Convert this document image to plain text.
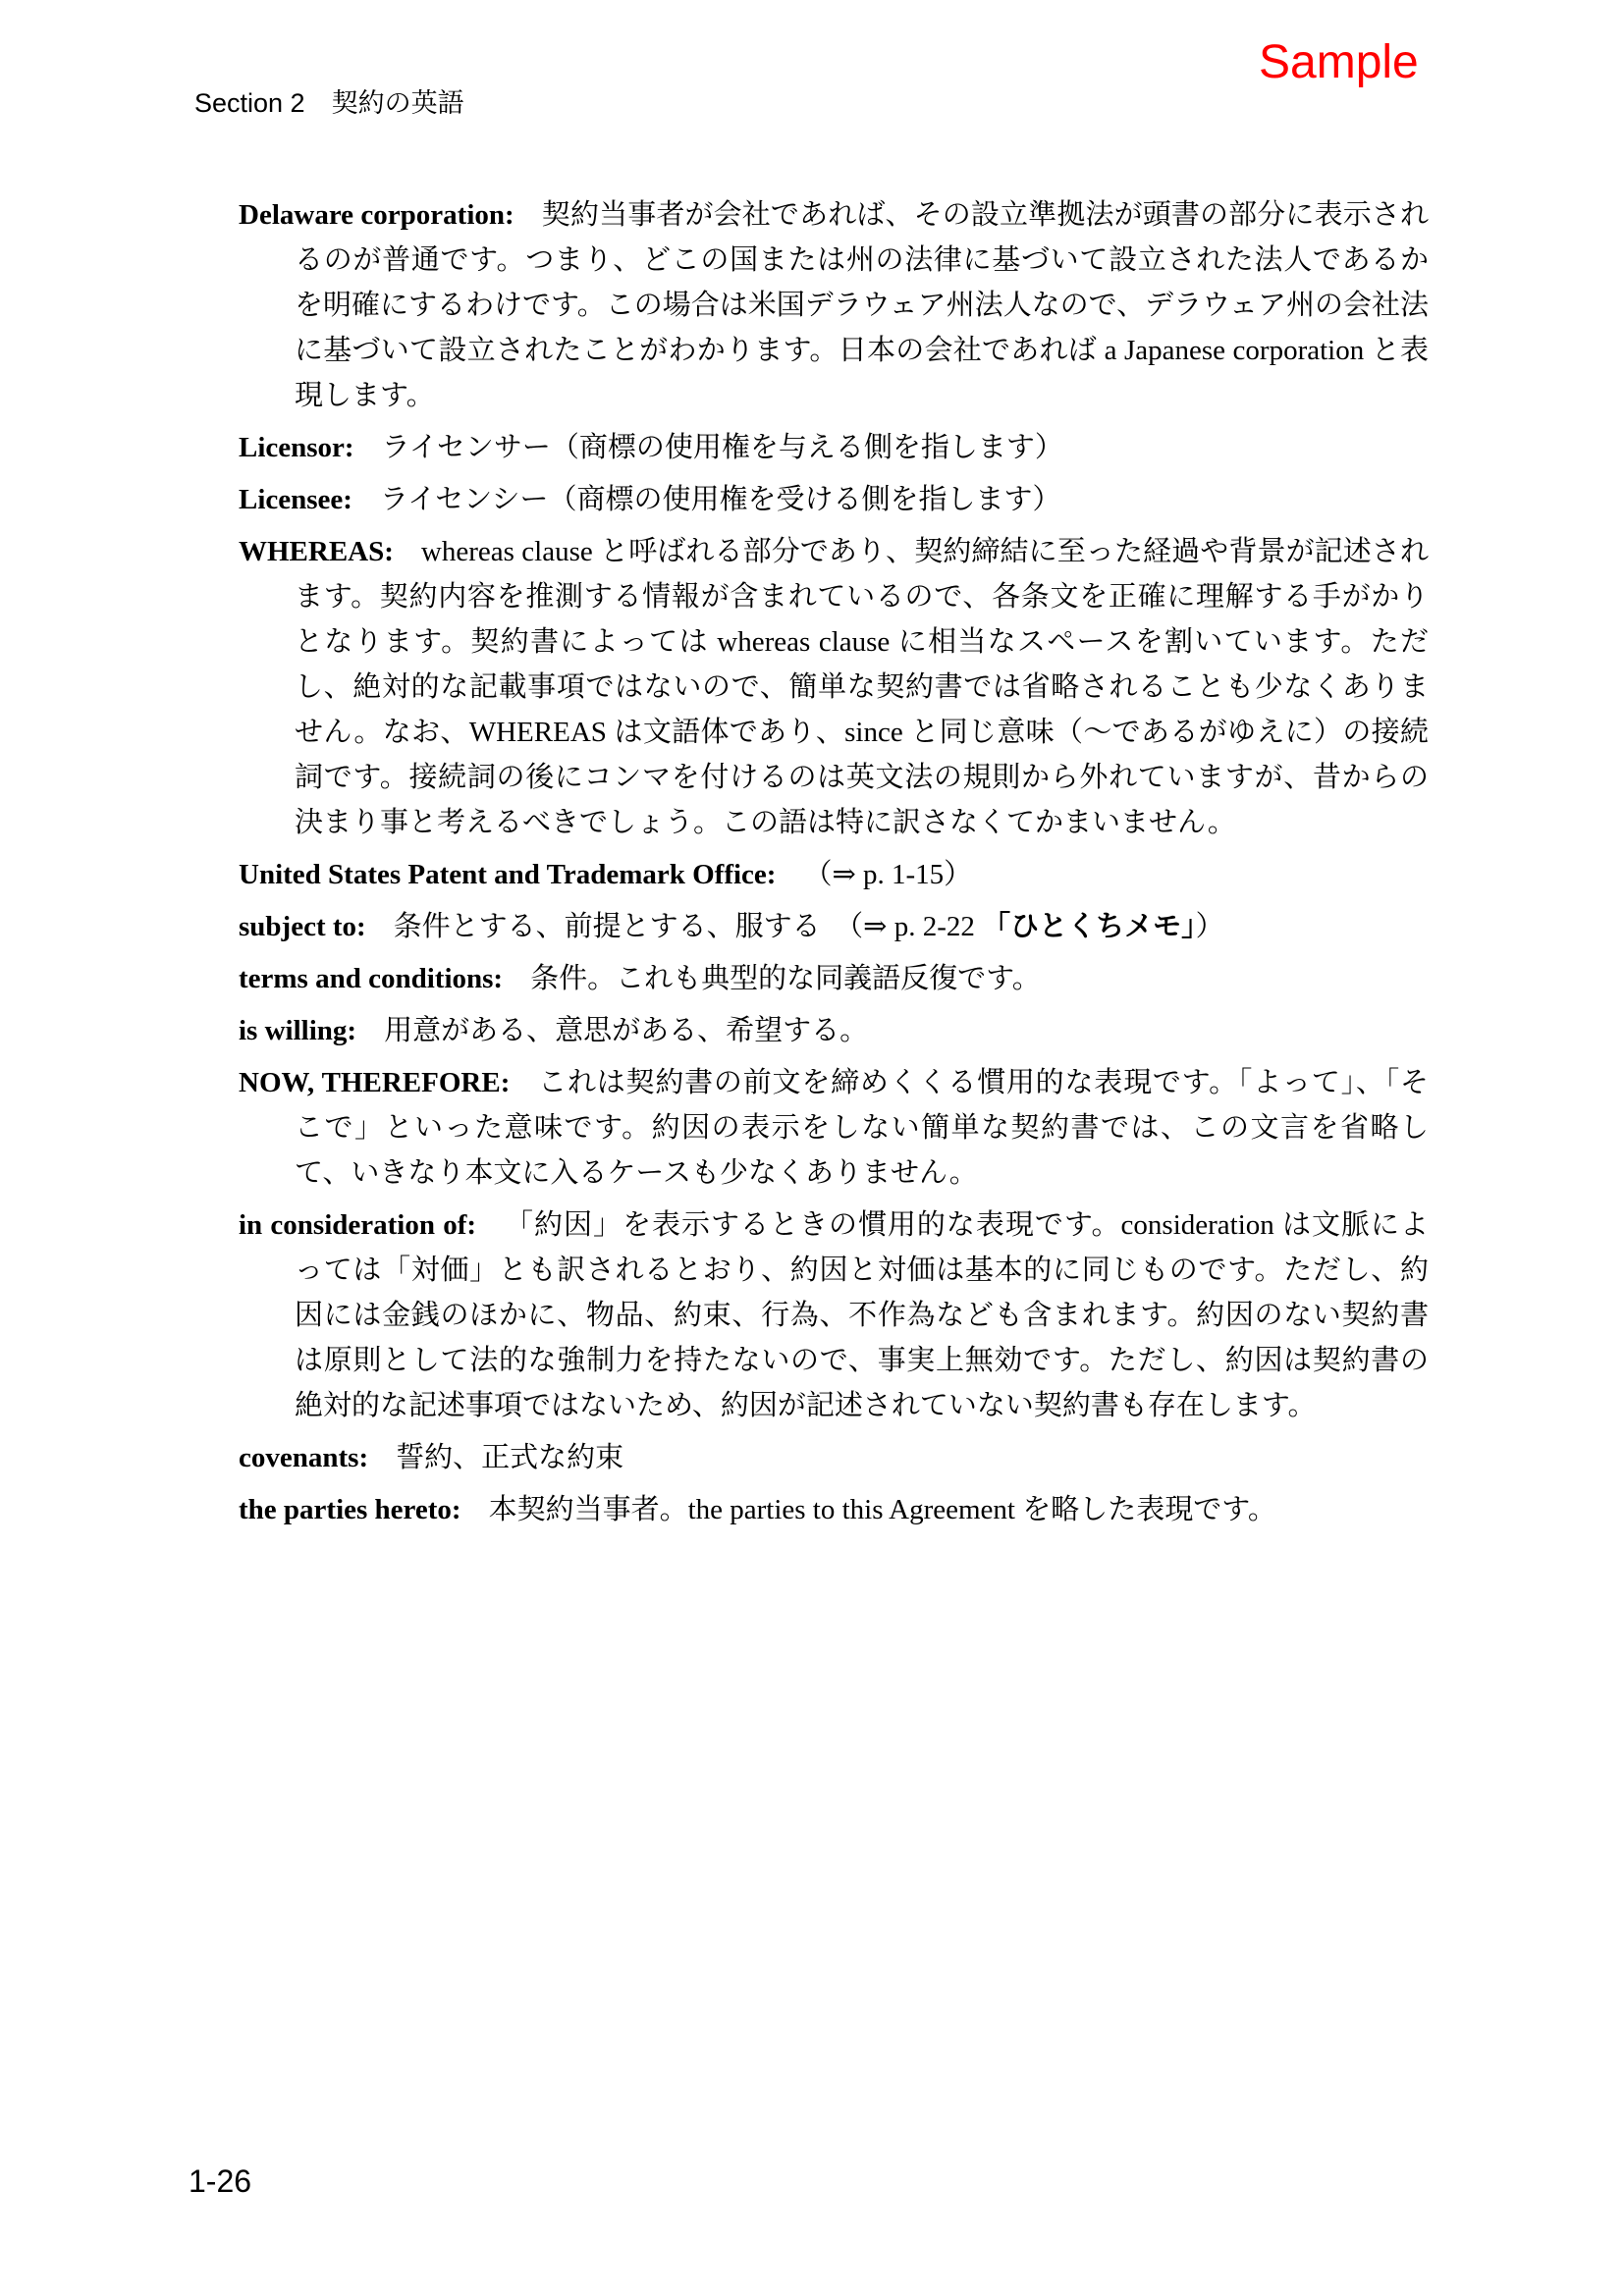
Section 2　契約の英語
Sample

Delaware corporation: 契約当事者が会社であれば、その設立準拠法が頭書の部分に表示されるのが普通です。つまり、どこの国または州の法律に基づいて設立された法人であるかを明確にするわけです。この場合は米国デラウェア州法人なので、デラウェア州の会社法に基づいて設立されたことがわかります。日本の会社であれば a Japanese corporation と表現します。

Licensor: ライセンサー（商標の使用権を与える側を指します）

Licensee: ライセンシー（商標の使用権を受ける側を指します）

WHEREAS: whereas clause と呼ばれる部分であり、契約締結に至った経過や背景が記述されます。契約内容を推測する情報が含まれているので、各条文を正確に理解する手がかりとなります。契約書によっては whereas clause に相当なスペースを割いています。ただし、絶対的な記載事項ではないので、簡単な契約書では省略されることも少なくありません。なお、WHEREAS は文語体であり、since と同じ意味（～であるがゆえに）の接続詞です。接続詞の後にコンマを付けるのは英文法の規則から外れていますが、昔からの決まり事と考えるべきでしょう。この語は特に訳さなくてかまいません。

United States Patent and Trademark Office: （⇒ p. 1-15）

subject to: 条件とする、前提とする、服する　（⇒ p. 2-22 「ひとくちメモ」）

terms and conditions: 条件。これも典型的な同義語反復です。

is willing: 用意がある、意思がある、希望する。

NOW, THEREFORE: これは契約書の前文を締めくくる慣用的な表現です。「よって」、「そこで」といった意味です。約因の表示をしない簡単な契約書では、この文言を省略して、いきなり本文に入るケースも少なくありません。

in consideration of: 「約因」を表示するときの慣用的な表現です。consideration は文脈によっては「対価」とも訳されるとおり、約因と対価は基本的に同じものです。ただし、約因には金銭のほかに、物品、約束、行為、不作為なども含まれます。約因のない契約書は原則として法的な強制力を持たないので、事実上無効です。ただし、約因は契約書の絶対的な記述事項ではないため、約因が記述されていない契約書も存在します。

covenants: 誓約、正式な約束

the parties hereto: 本契約当事者。the parties to this Agreement を略した表現です。

1-26
